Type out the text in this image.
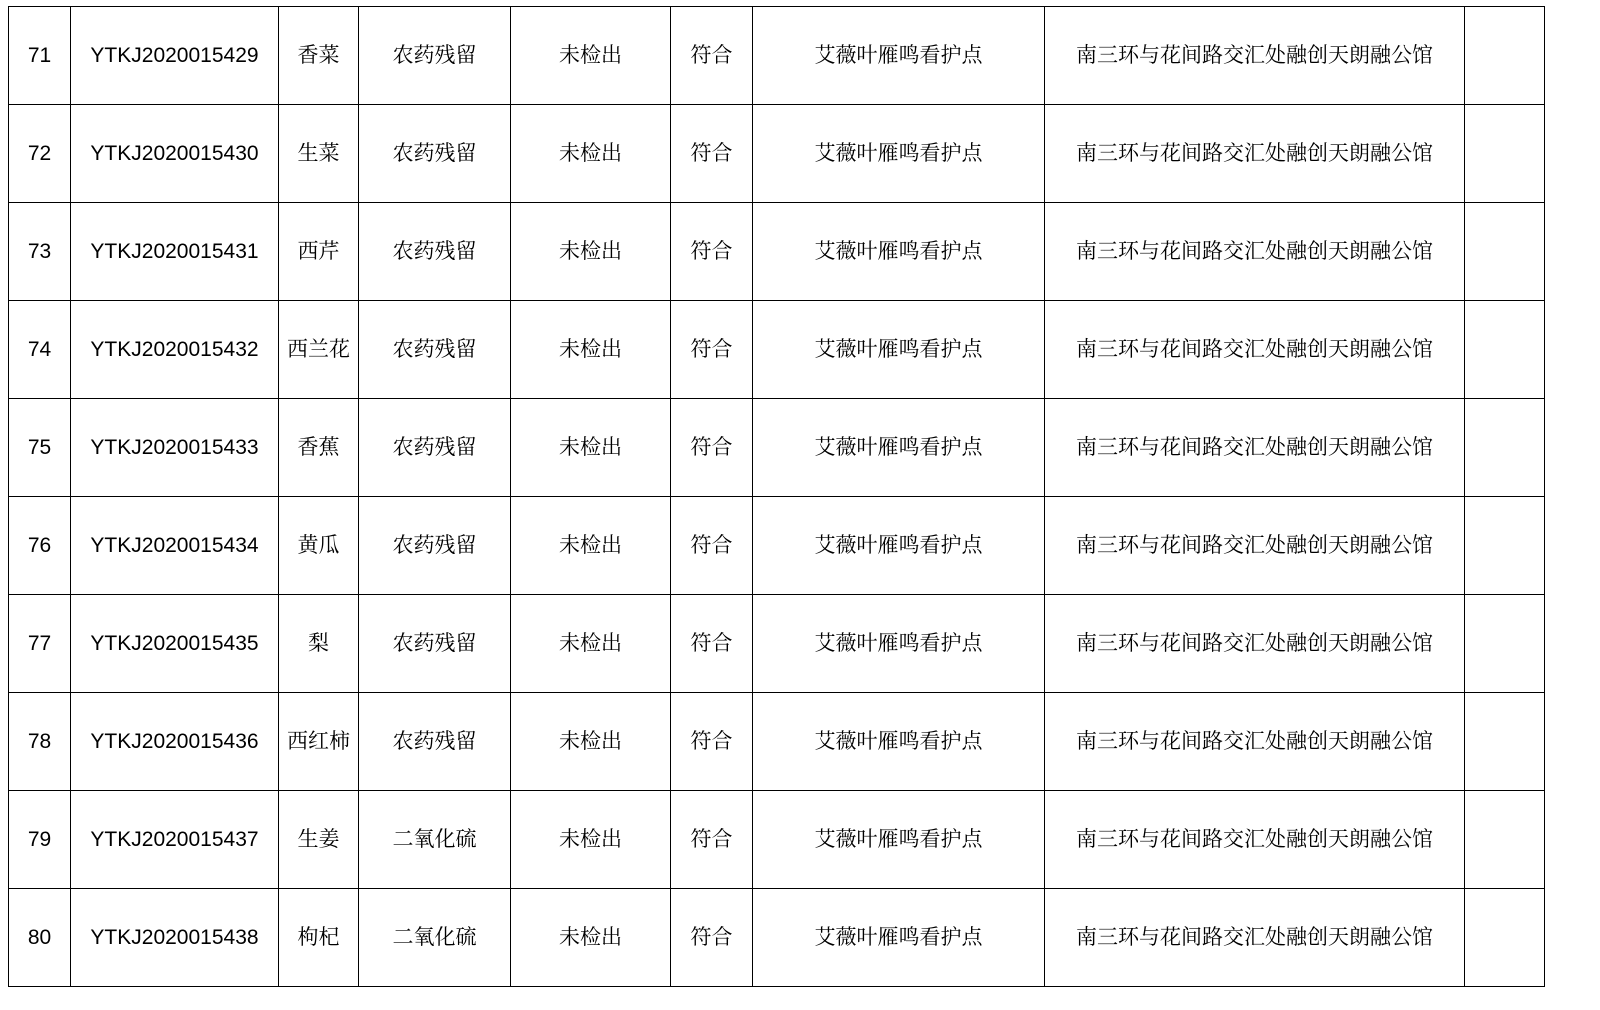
71	YTKJ2020015429	香菜	农药残留	未检出	符合	艾薇叶雁鸣看护点	南三环与花间路交汇处融创天朗融公馆	
72	YTKJ2020015430	生菜	农药残留	未检出	符合	艾薇叶雁鸣看护点	南三环与花间路交汇处融创天朗融公馆	
73	YTKJ2020015431	西芹	农药残留	未检出	符合	艾薇叶雁鸣看护点	南三环与花间路交汇处融创天朗融公馆	
74	YTKJ2020015432	西兰花	农药残留	未检出	符合	艾薇叶雁鸣看护点	南三环与花间路交汇处融创天朗融公馆	
75	YTKJ2020015433	香蕉	农药残留	未检出	符合	艾薇叶雁鸣看护点	南三环与花间路交汇处融创天朗融公馆	
76	YTKJ2020015434	黄瓜	农药残留	未检出	符合	艾薇叶雁鸣看护点	南三环与花间路交汇处融创天朗融公馆	
77	YTKJ2020015435	梨	农药残留	未检出	符合	艾薇叶雁鸣看护点	南三环与花间路交汇处融创天朗融公馆	
78	YTKJ2020015436	西红柿	农药残留	未检出	符合	艾薇叶雁鸣看护点	南三环与花间路交汇处融创天朗融公馆	
79	YTKJ2020015437	生姜	二氧化硫	未检出	符合	艾薇叶雁鸣看护点	南三环与花间路交汇处融创天朗融公馆	
80	YTKJ2020015438	枸杞	二氧化硫	未检出	符合	艾薇叶雁鸣看护点	南三环与花间路交汇处融创天朗融公馆	
